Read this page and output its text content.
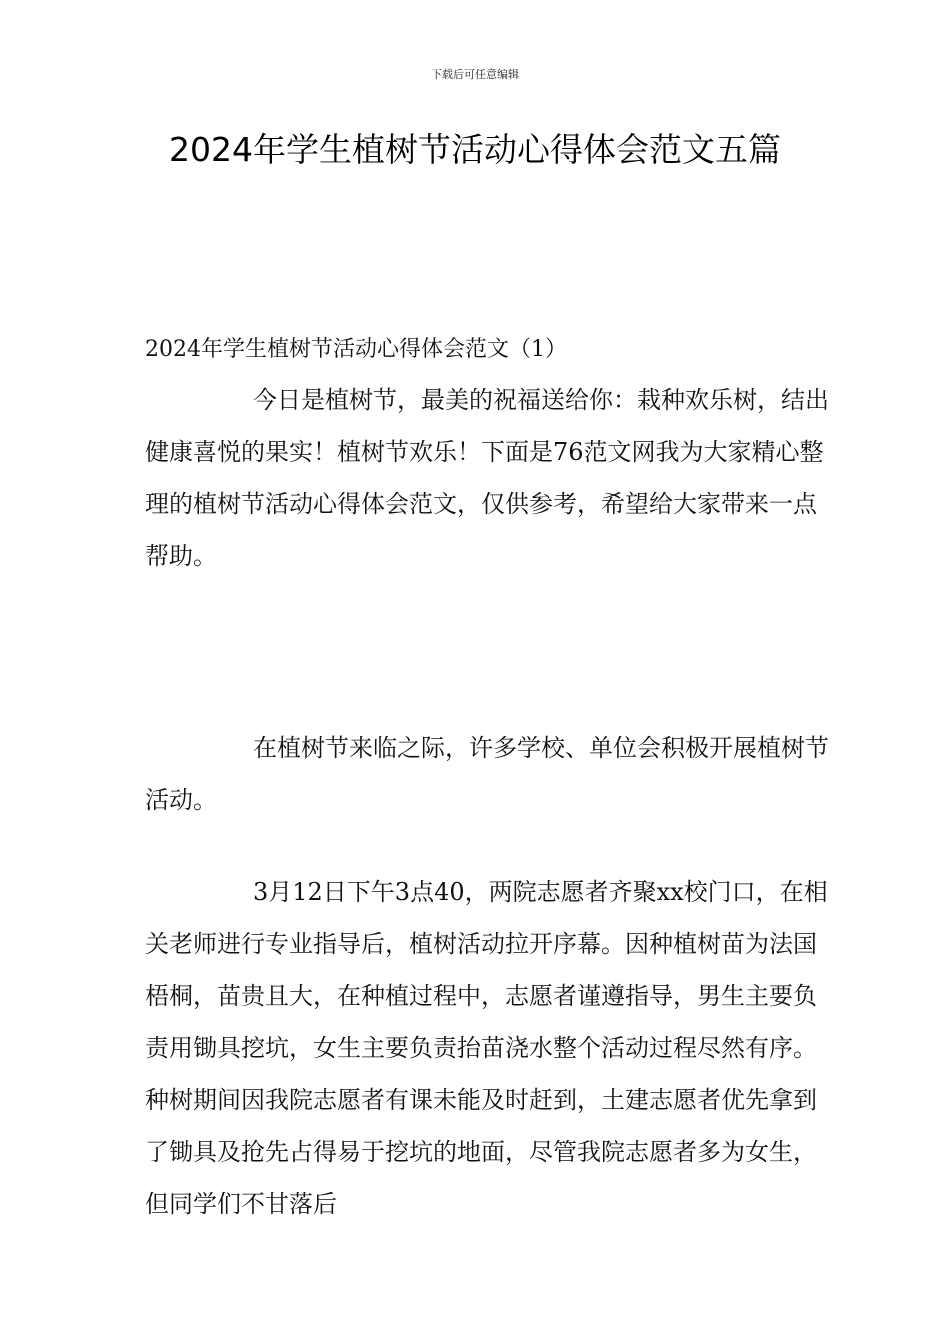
下载后可任意编辑
2024年学生植树节活动心得体会范文五篇
2024年学生植树节活动心得体会范文（1）

今日是植树节，最美的祝福送给你：栽种欢乐树，结出健康喜悦的果实！植树节欢乐！下面是76范文网我为大家精心整理的植树节活动心得体会范文，仅供参考，希望给大家带来一点帮助。

在植树节来临之际，许多学校、单位会积极开展植树节活动。

3月12日下午3点40，两院志愿者齐聚xx校门口，在相关老师进行专业指导后，植树活动拉开序幕。因种植树苗为法国梧桐，苗贵且大，在种植过程中，志愿者谨遵指导，男生主要负责用锄具挖坑，女生主要负责抬苗浇水整个活动过程尽然有序。种树期间因我院志愿者有课未能及时赶到，土建志愿者优先拿到了锄具及抢先占得易于挖坑的地面，尽管我院志愿者多为女生，但同学们不甘落后
